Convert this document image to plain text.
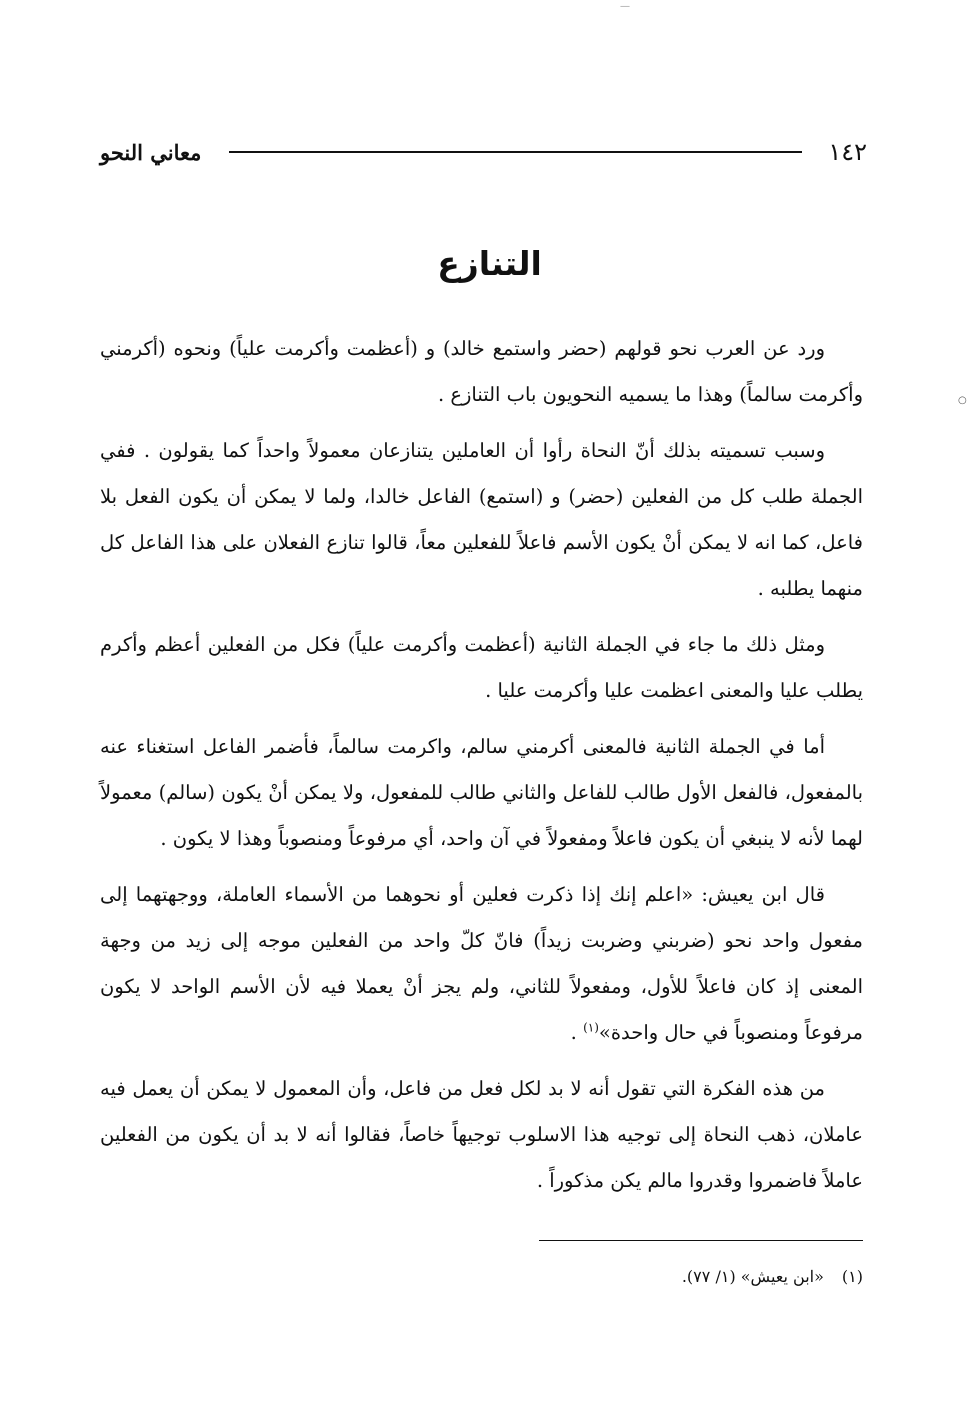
١٤٢
معاني النحو
التنازع

ورد عن العرب نحو قولهم (حضر واستمع خالد) و (أعظمت وأكرمت علياً) ونحوه (أكرمني وأكرمت سالماً) وهذا ما يسميه النحويون باب التنازع .

وسبب تسميته بذلك أنّ النحاة رأوا أن العاملين يتنازعان معمولاً واحداً كما يقولون . ففي الجملة طلب كل من الفعلين (حضر) و (استمع) الفاعل خالدا، ولما لا يمكن أن يكون الفعل بلا فاعل، كما انه لا يمكن أنْ يكون الأسم فاعلاً للفعلين معاً، قالوا تنازع الفعلان على هذا الفاعل كل منهما يطلبه .

ومثل ذلك ما جاء في الجملة الثانية (أعظمت وأكرمت علياً) فكل من الفعلين أعظم وأكرم يطلب عليا والمعنى اعظمت عليا وأكرمت عليا .

أما في الجملة الثانية فالمعنى أكرمني سالم، واكرمت سالماً، فأضمر الفاعل استغناء عنه بالمفعول، فالفعل الأول طالب للفاعل والثاني طالب للمفعول، ولا يمكن أنْ يكون (سالم) معمولاً لهما لأنه لا ينبغي أن يكون فاعلاً ومفعولاً في آن واحد، أي مرفوعاً ومنصوباً وهذا لا يكون .

قال ابن يعيش: «اعلم إنك إذا ذكرت فعلين أو نحوهما من الأسماء العاملة، ووجهتهما إلى مفعول واحد نحو (ضربني وضربت زيداً) فانّ كلّ واحد من الفعلين موجه إلى زيد من وجهة المعنى إذ كان فاعلاً للأول، ومفعولاً للثاني، ولم يجز أنْ يعملا فيه لأن الأسم الواحد لا يكون مرفوعاً ومنصوباً في حال واحدة»$^{(١)}$ .

من هذه الفكرة التي تقول أنه لا بد لكل فعل من فاعل، وأن المعمول لا يمكن أن يعمل فيه عاملان، ذهب النحاة إلى توجيه هذا الاسلوب توجيهاً خاصاً، فقالوا أنه لا بد أن يكون من الفعلين عاملاً فاضمروا وقدروا مالم يكن مذكوراً .

(١)
«ابن يعيش» (١/ ٧٧).
○
—
